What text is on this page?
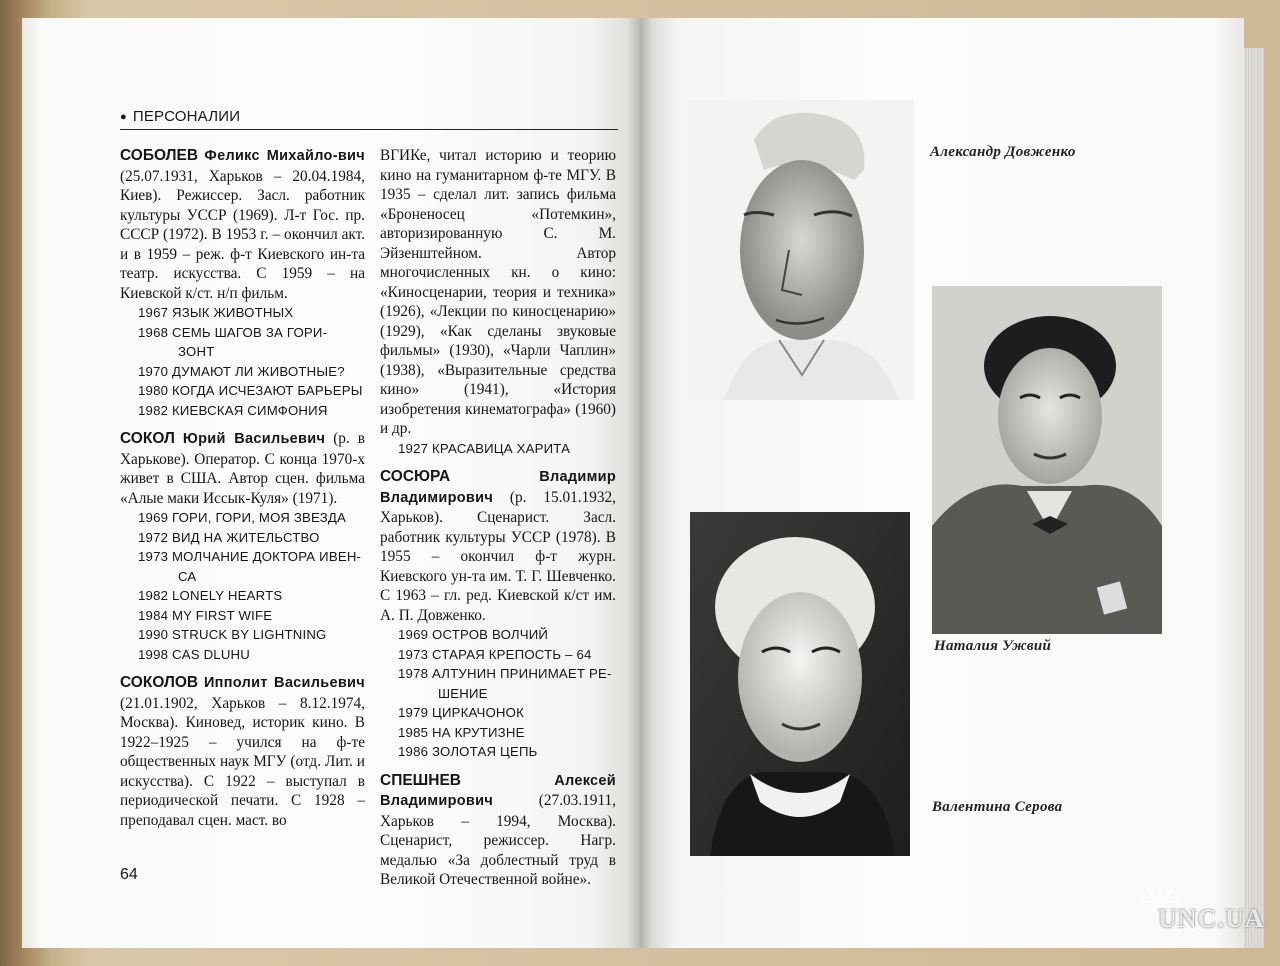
● ПЕРСОНАЛИИ
СОБОЛЕВ Феликс Михайло-вич (25.07.1931, Харьков – 20.04.1984, Киев). Режиссер. Засл. работник культуры УССР (1969). Л-т Гос. пр. СССР (1972). В 1953 г. – окончил акт. и в 1959 – реж. ф-т Киевского ин-та театр. искусства. С 1959 – на Киевской к/ст. н/п фильм.
1967 ЯЗЫК ЖИВОТНЫХ
1968 СЕМЬ ШАГОВ ЗА ГОРИ-
ЗОНТ
1970 ДУМАЮТ ЛИ ЖИВОТНЫЕ?
1980 КОГДА ИСЧЕЗАЮТ БАРЬЕРЫ
1982 КИЕВСКАЯ СИМФОНИЯ
СОКОЛ Юрий Васильевич (р. в Харькове). Оператор. С конца 1970-х живет в США. Автор сцен. фильма «Алые маки Иссык-Куля» (1971).
1969 ГОРИ, ГОРИ, МОЯ ЗВЕЗДА
1972 ВИД НА ЖИТЕЛЬСТВО
1973 МОЛЧАНИЕ ДОКТОРА ИВЕН-
СА
1982 LONELY HEARTS
1984 MY FIRST WIFE
1990 STRUCK BY LIGHTNING
1998 CAS DLUHU
СОКОЛОВ Ипполит Васильевич (21.01.1902, Харьков – 8.12.1974, Москва). Киновед, историк кино. В 1922–1925 – учился на ф-те общественных наук МГУ (отд. Лит. и искусства). С 1922 – выступал в периодической печати. С 1928 – преподавал сцен. маст. во
ВГИКе, читал историю и теорию кино на гуманитарном ф-те МГУ. В 1935 – сделал лит. запись фильма «Броненосец «Потемкин», авторизированную С. М. Эйзенштейном. Автор многочисленных кн. о кино: «Киносценарии, теория и техника» (1926), «Лекции по киносценарию» (1929), «Как сделаны звуковые фильмы» (1930), «Чарли Чаплин» (1938), «Выразительные средства кино» (1941), «История изобретения кинематографа» (1960) и др.
1927 КРАСАВИЦА ХАРИТА
СОСЮРА	Владимир Владимирович (р. 15.01.1932, Харьков). Сценарист. Засл. работник культуры УССР (1978). В 1955 – окончил ф-т журн. Киевского ун-та им. Т. Г. Шевченко. С 1963 – гл. ред. Киевской к/ст им. А. П. Довженко.
1969 ОСТРОВ ВОЛЧИЙ
1973 СТАРАЯ КРЕПОСТЬ – 64
1978 АЛТУНИН ПРИНИМАЕТ РЕ-
ШЕНИЕ
1979 ЦИРКАЧОНОК
1985 НА КРУТИЗНЕ
1986 ЗОЛОТАЯ ЦЕПЬ
СПЕШНЕВ	Алексей Владимирович (27.03.1911, Харьков – 1994, Москва). Сценарист, режиссер. Нагр. медалью «За доблестный труд в Великой Отечественной войне».
64
Александр Довженко
Наталия Ужвий
Валентина Серова
UNC.UA
